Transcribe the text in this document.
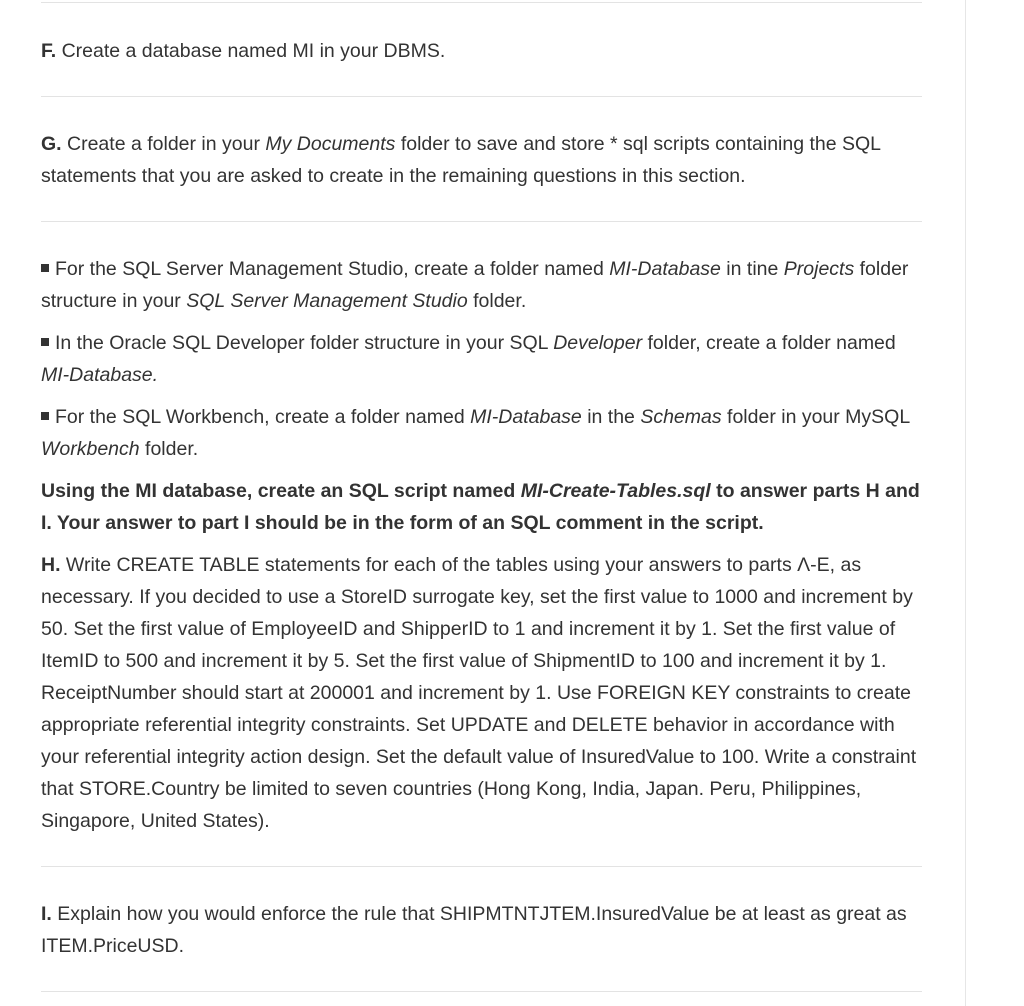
F. Create a database named MI in your DBMS.

G. Create a folder in your My Documents folder to save and store * sql scripts containing the SQL statements that you are asked to create in the remaining questions in this section.

For the SQL Server Management Studio, create a folder named MI-Database in tine Projects folder structure in your SQL Server Management Studio folder.

In the Oracle SQL Developer folder structure in your SQL Developer folder, create a folder named MI-Database.

For the SQL Workbench, create a folder named MI-Database in the Schemas folder in your MySQL Workbench folder.

Using the MI database, create an SQL script named MI-Create-Tables.sql to answer parts H and I. Your answer to part I should be in the form of an SQL comment in the script.

H. Write CREATE TABLE statements for each of the tables using your answers to parts Λ-E, as necessary. If you decided to use a StoreID surrogate key, set the first value to 1000 and increment by 50. Set the first value of EmployeeID and ShipperID to 1 and increment it by 1. Set the first value of ItemID to 500 and increment it by 5. Set the first value of ShipmentID to 100 and increment it by 1. ReceiptNumber should start at 200001 and increment by 1. Use FOREIGN KEY constraints to create appropriate referential integrity constraints. Set UPDATE and DELETE behavior in accordance with your referential integrity action design. Set the default value of InsuredValue to 100. Write a constraint that STORE.Country be limited to seven countries (Hong Kong, India, Japan. Peru, Philippines, Singapore, United States).

I. Explain how you would enforce the rule that SHIPMTNTJTEM.InsuredValue be at least as great as ITEM.PriceUSD.
